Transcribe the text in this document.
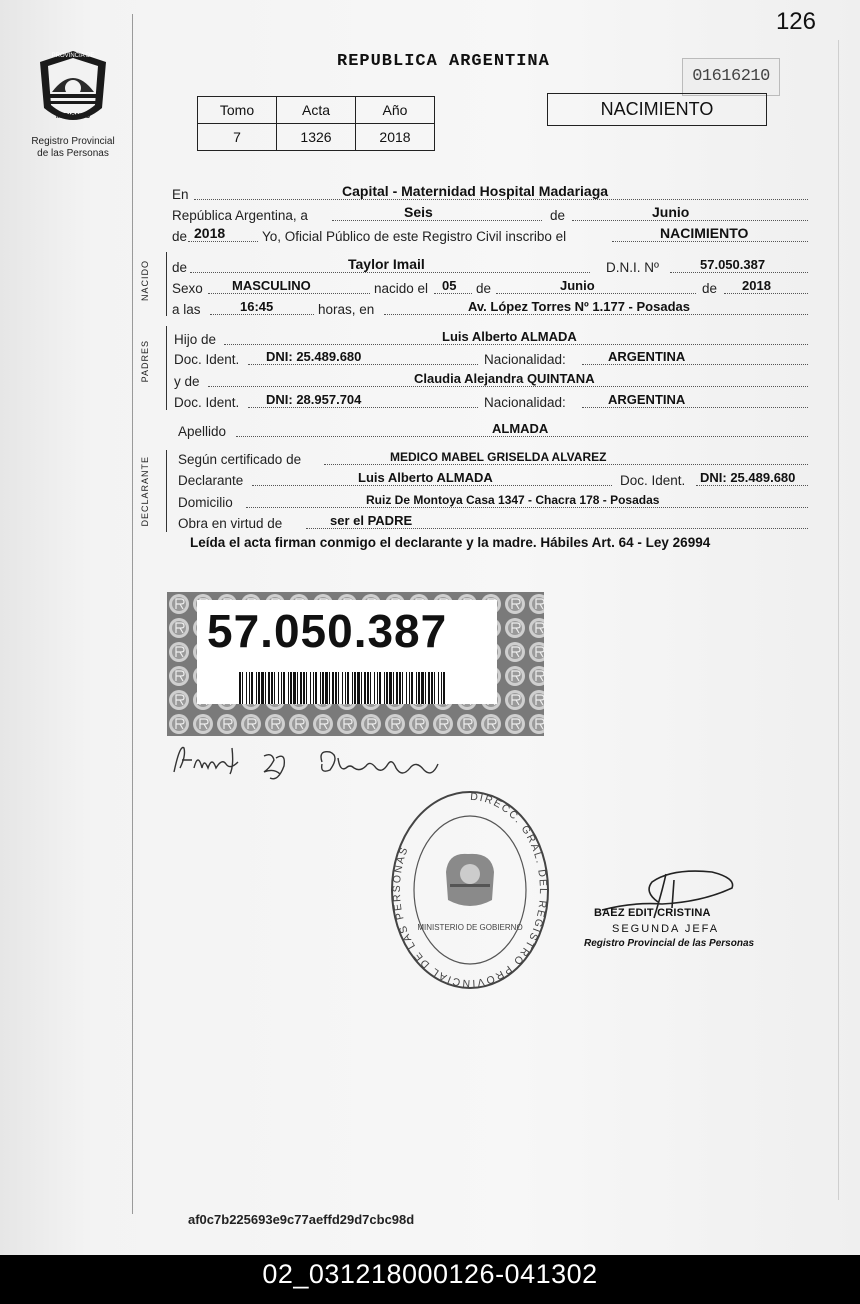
126
PROVINCIA DE
MISIONES
Registro Provincial
de las Personas
REPUBLICA ARGENTINA
01616210
Tomo	Acta	Año
7	1326	2018
NACIMIENTO
En	Capital - Maternidad Hospital Madariaga
República Argentina, a	Seis	de	Junio
de 2018	Yo, Oficial Público de este Registro Civil inscribo el	NACIMIENTO
NACIDO de	Taylor Imail	D.N.I. Nº	57.050.387
Sexo MASCULINO	nacido el 05 de	Junio	de 2018
a las	16:45	horas, en	Av. López Torres Nº 1.177 - Posadas
PADRES
Hijo de	Luis Alberto ALMADA
Doc. Ident. DNI: 25.489.680	Nacionalidad:	ARGENTINA
y de	Claudia Alejandra QUINTANA
Doc. Ident. DNI: 28.957.704	Nacionalidad:	ARGENTINA
Apellido	ALMADA
DECLARANTE Según certificado de	MEDICO MABEL GRISELDA ALVAREZ
Declarante	Luis Alberto ALMADA	Doc. Ident. DNI: 25.489.680
Domicilio	Ruiz De Montoya Casa 1347 - Chacra 178 - Posadas
Obra en virtud de	ser el PADRE
Leída el acta firman conmigo el declarante y la madre. Hábiles Art. 64 - Ley 26994
57.050.387
DIRECC. GRAL. DEL REGISTRO PROVINCIAL DE LAS PERSONAS
MINISTERIO DE GOBIERNO
BAEZ EDIT CRISTINA
SEGUNDA JEFA
Registro Provincial de las Personas
af0c7b225693e9c77aeffd29d7cbc98d
02_031218000126-041302
